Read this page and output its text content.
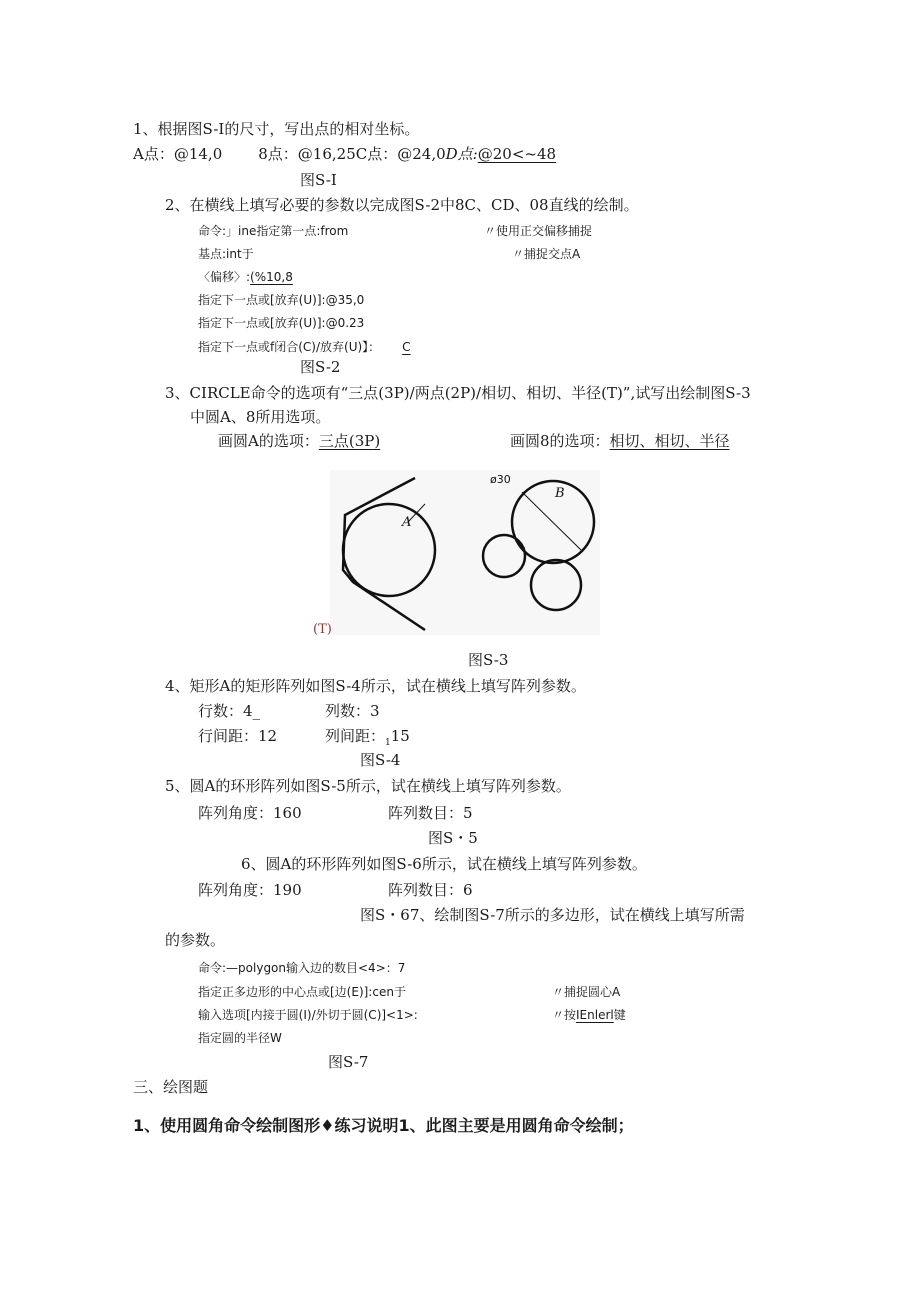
1、根据图S-I的尺寸，写出点的相对坐标。
A点：@14,0 8点：@16,25C点：@24,0D点:@20<~48
图S-I
2、在横线上填写必要的参数以完成图S-2中8C、CD、08直线的绘制。
命令:」ine指定第一点:from	〃使用正交偏移捕捉
基点:int于	〃捕捉交点A
〈偏移〉:(%10,8
指定下一点或[放弃(U)]:@35,0
指定下一点或[放弃(U)]:@0.23
指定下一点或f闭合(C)/放弃(U)】： C
图S-2
3、CIRCLE命令的选项有“三点(3P)/两点(2P)/相切、相切、半径(T)”,试写出绘制图S-3
中圆A、8所用选项。
画圆A的选项：三点(3P)	画圆8的选项：相切、相切、半径
A
ø30
B
(T)
图S-3
4、矩形A的矩形阵列如图S-4所示，试在横线上填写阵列参数。
行数：4_	列数：3
行间距：12	列间距：$_1$15
图S-4
5、圆A的环形阵列如图S-5所示，试在横线上填写阵列参数。
阵列角度：160	阵列数目：5
图S・5
6、圆A的环形阵列如图S-6所示，试在横线上填写阵列参数。
阵列角度：190	阵列数目：6
图S・67、绘制图S-7所示的多边形，试在横线上填写所需
的参数。
命令:—polygon输入边的数目<4>：7
指定正多边形的中心点或[边(E)]:cen于	〃捕捉圆心A
输入选项[内接于圆(I)/外切于圆(C)]<1>:	〃按IEnlerl键
指定圆的半径W
图S-7
三、绘图题
1、使用圆角命令绘制图形♦练习说明1、此图主要是用圆角命令绘制；
